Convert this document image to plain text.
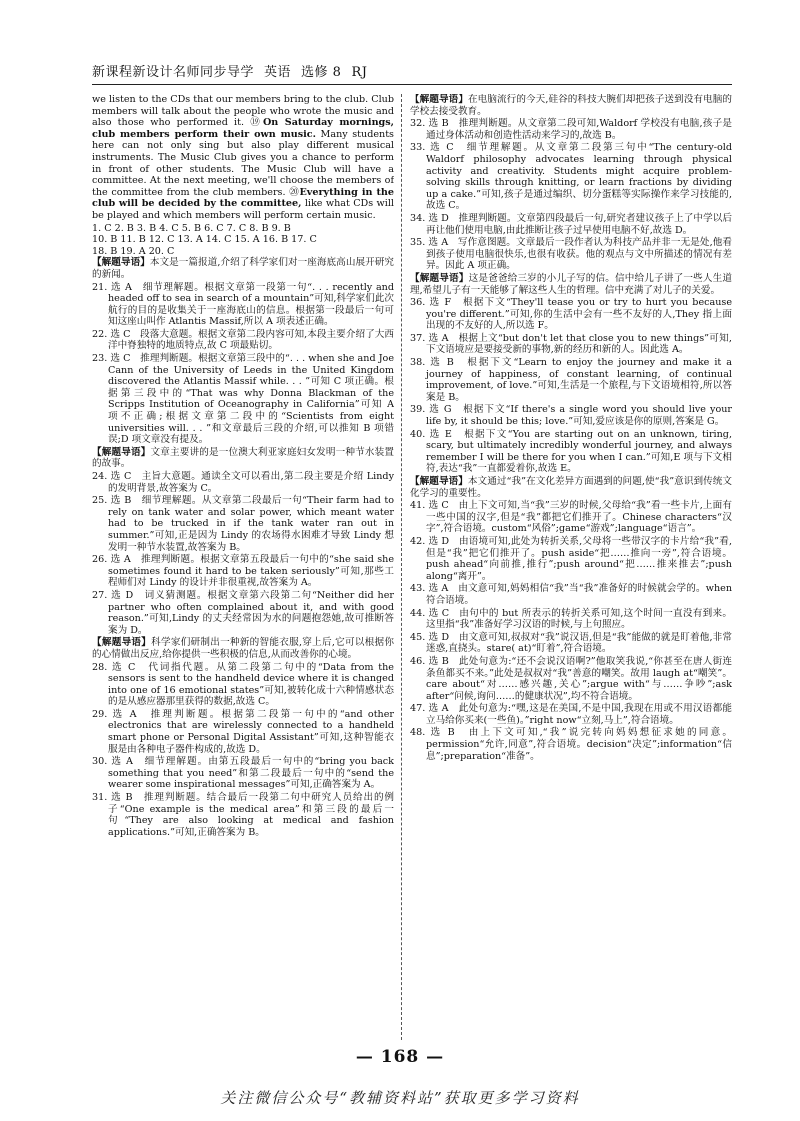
新课程新设计名师同步导学 英语 选修 8 RJ
we listen to the CDs that our members bring to the club. Club members will talk about the people who wrote the music and also those who performed it. ⑲On Saturday mornings, club members perform their own music. Many students here can not only sing but also play different musical instruments. The Music Club gives you a chance to perform in front of other students. The Music Club will have a committee. At the next meeting, we'll choose the members of the committee from the club members. ⑳Everything in the club will be decided by the committee, like what CDs will be played and which members will perform certain music.
1. C 2. B 3. B 4. C 5. B 6. C 7. C 8. B 9. B
10. B 11. B 12. C 13. A 14. C 15. A 16. B 17. C
18. B 19. A 20. C
【解题导语】本文是一篇报道,介绍了科学家们对一座海底高山展开研究的新闻。
21. 选 A　细节理解题。根据文章第一段第一句“. . . recently and headed off to sea in search of a mountain”可知,科学家们此次航行的目的是收集关于一座海底山的信息。根据第一段最后一句可知这座山叫作 Atlantis Massif,所以 A 项表述正确。
22. 选 C　段落大意题。根据文章第二段内容可知,本段主要介绍了大西洋中脊独特的地质特点,故 C 项最贴切。
23. 选 C　推理判断题。根据文章第三段中的“. . . when she and Joe Cann of the University of Leeds in the United Kingdom discovered the Atlantis Massif while. . . ”可知 C 项正确。根据第三段中的“That was why Donna Blackman of the Scripps Institution of Oceanography in California”可知 A 项不正确;根据文章第二段中的“Scientists from eight universities will. . . ”和文章最后三段的介绍,可以推知 B 项错误;D 项文章没有提及。
【解题导语】文章主要讲的是一位澳大利亚家庭妇女发明一种节水装置的故事。
24. 选 C　主旨大意题。通读全文可以看出,第二段主要是介绍 Lindy 的发明背景,故答案为 C。
25. 选 B　细节理解题。从文章第二段最后一句“Their farm had to rely on tank water and solar power, which meant water had to be trucked in if the tank water ran out in summer.”可知,正是因为 Lindy 的农场得水困难才导致 Lindy 想发明一种节水装置,故答案为 B。
26. 选 A　推理判断题。根据文章第五段最后一句中的“she said she sometimes found it hard to be taken seriously”可知,那些工程师们对 Lindy 的设计并非很重视,故答案为 A。
27. 选 D　词义猜测题。根据文章第六段第二句“Neither did her partner who often complained about it, and with good reason.”可知,Lindy 的丈夫经常因为水的问题抱怨她,故可推断答案为 D。
【解题导语】科学家们研制出一种新的智能衣服,穿上后,它可以根据你的心情做出反应,给你提供一些积极的信息,从而改善你的心境。
28. 选 C　代词指代题。从第二段第二句中的“Data from the sensors is sent to the handheld device where it is changed into one of 16 emotional states”可知,被转化成十六种情感状态的是从感应器那里获得的数据,故选 C。
29. 选 A　推理判断题。根据第二段第一句中的“and other electronics that are wirelessly connected to a handheld smart phone or Personal Digital Assistant”可知,这种智能衣服是由各种电子器件构成的,故选 D。
30. 选 A　细节理解题。由第五段最后一句中的“bring you back something that you need”和第二段最后一句中的“send the wearer some inspirational messages”可知,正确答案为 A。
31. 选 B　推理判断题。结合最后一段第二句中研究人员给出的例子“One example is the medical area”和第三段的最后一句“They are also looking at medical and fashion applications.”可知,正确答案为 B。
【解题导语】在电脑流行的今天,硅谷的科技大腕们却把孩子送到没有电脑的学校去接受教育。
32. 选 B　推理判断题。从文章第二段可知,Waldorf 学校没有电脑,孩子是通过身体活动和创造性活动来学习的,故选 B。
33. 选 C　细节理解题。从文章第二段第三句中“The century-old Waldorf philosophy advocates learning through physical activity and creativity. Students might acquire problem-solving skills through knitting, or learn fractions by dividing up a cake.”可知,孩子是通过编织、切分蛋糕等实际操作来学习技能的,故选 C。
34. 选 D　推理判断题。文章第四段最后一句,研究者建议孩子上了中学以后再让他们使用电脑,由此推断让孩子过早使用电脑不好,故选 D。
35. 选 A　写作意图题。文章最后一段作者认为科技产品并非一无是处,他看到孩子使用电脑很快乐,也很有收获。他的观点与文中所描述的情况有差异。因此 A 项正确。
【解题导语】这是爸爸给三岁的小儿子写的信。信中给儿子讲了一些人生道理,希望儿子有一天能够了解这些人生的哲理。信中充满了对儿子的关爱。
36. 选 F　根据下文“They'll tease you or try to hurt you because you're different.”可知,你的生活中会有一些不友好的人,They 指上面出现的不友好的人,所以选 F。
37. 选 A　根据上文“but don't let that close you to new things”可知,下文语境应是要接受新的事物,新的经历和新的人。因此选 A。
38. 选 B　根据下文“Learn to enjoy the journey and make it a journey of happiness, of constant learning, of continual improvement, of love.”可知,生活是一个旅程,与下文语境相符,所以答案是 B。
39. 选 G　根据下文“If there's a single word you should live your life by, it should be this; love.”可知,爱应该是你的原则,答案是 G。
40. 选 E　根据下文“You are starting out on an unknown, tiring, scary, but ultimately incredibly wonderful journey, and always remember I will be there for you when I can.”可知,E 项与下文相符,表达“我”一直都爱着你,故选 E。
【解题导语】本文通过“我”在文化差异方面遇到的问题,使“我”意识到传统文化学习的重要性。
41. 选 C　由上下文可知,当“我”三岁的时候,父母给“我”看一些卡片,上面有一些中国的汉字,但是“我”都把它们推开了。Chinese characters“汉字”,符合语境。custom“风俗”;game“游戏”;language“语言”。
42. 选 D　由语境可知,此处为转折关系,父母将一些带汉字的卡片给“我”看,但是“我”把它们推开了。push aside“把……推向一旁”,符合语境。push ahead“向前推,推行”;push around“把……推来推去”;push along“离开”。
43. 选 A　由文意可知,妈妈相信“我”当“我”准备好的时候就会学的。when 符合语境。
44. 选 C　由句中的 but 所表示的转折关系可知,这个时间一直没有到来。这里指“我”准备好学习汉语的时候,与上句照应。
45. 选 D　由文意可知,叔叔对“我”说汉语,但是“我”能做的就是盯着他,非常迷惑,直挠头。stare( at)“盯着”,符合语境。
46. 选 B　此处句意为:“还不会说汉语啊?”他取笑我说,“你甚至在唐人街连条鱼都买不来。”此处是叔叔对“我”善意的嘲笑。故用 laugh at“嘲笑”。care about“对……感兴趣,关心”;argue with“与……争吵”;ask after“问候,询问……的健康状况”,均不符合语境。
47. 选 A　此处句意为:“嘿,这是在美国,不是中国,我现在用或不用汉语都能立马给你买来(一些鱼)。”right now“立刻,马上”,符合语境。
48. 选 B　由上下文可知,“我”说完转向妈妈想征求她的同意。permission“允许,同意”,符合语境。decision“决定”;information“信息”;preparation“准备”。
— 168 —
关注微信公众号“教辅资料站”获取更多学习资料
